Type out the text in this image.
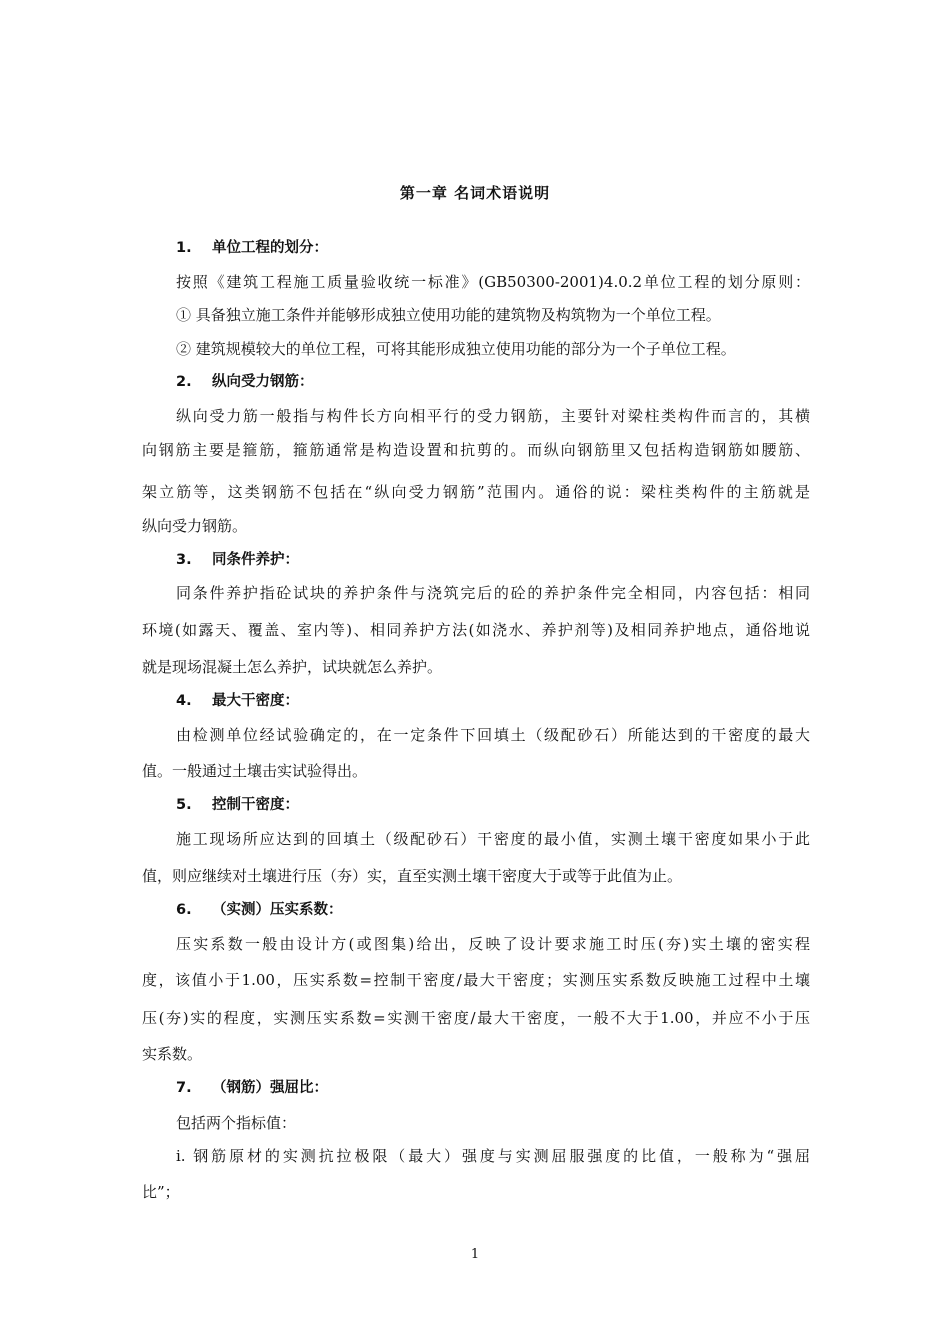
第一章 名词术语说明
1. 单位工程的划分：
按照《建筑工程施工质量验收统一标准》(GB50300-2001)4.0.2单位工程的划分原则：
① 具备独立施工条件并能够形成独立使用功能的建筑物及构筑物为一个单位工程。
② 建筑规模较大的单位工程，可将其能形成独立使用功能的部分为一个子单位工程。
2. 纵向受力钢筋：
纵向受力筋一般指与构件长方向相平行的受力钢筋，主要针对梁柱类构件而言的，其横
向钢筋主要是箍筋，箍筋通常是构造设置和抗剪的。而纵向钢筋里又包括构造钢筋如腰筋、
架立筋等，这类钢筋不包括在“纵向受力钢筋”范围内。通俗的说：梁柱类构件的主筋就是
纵向受力钢筋。
3. 同条件养护：
同条件养护指砼试块的养护条件与浇筑完后的砼的养护条件完全相同，内容包括：相同
环境(如露天、覆盖、室内等)、相同养护方法(如浇水、养护剂等)及相同养护地点，通俗地说
就是现场混凝土怎么养护，试块就怎么养护。
4. 最大干密度：
由检测单位经试验确定的，在一定条件下回填土（级配砂石）所能达到的干密度的最大
值。一般通过土壤击实试验得出。
5. 控制干密度：
施工现场所应达到的回填土（级配砂石）干密度的最小值，实测土壤干密度如果小于此
值，则应继续对土壤进行压（夯）实，直至实测土壤干密度大于或等于此值为止。
6. （实测）压实系数：
压实系数一般由设计方(或图集)给出，反映了设计要求施工时压(夯)实土壤的密实程
度，该值小于1.00，压实系数=控制干密度/最大干密度；实测压实系数反映施工过程中土壤
压(夯)实的程度，实测压实系数=实测干密度/最大干密度，一般不大于1.00，并应不小于压
实系数。
7. （钢筋）强屈比：
包括两个指标值：
i. 钢筋原材的实测抗拉极限（最大）强度与实测屈服强度的比值，一般称为“强屈
比”；
1
